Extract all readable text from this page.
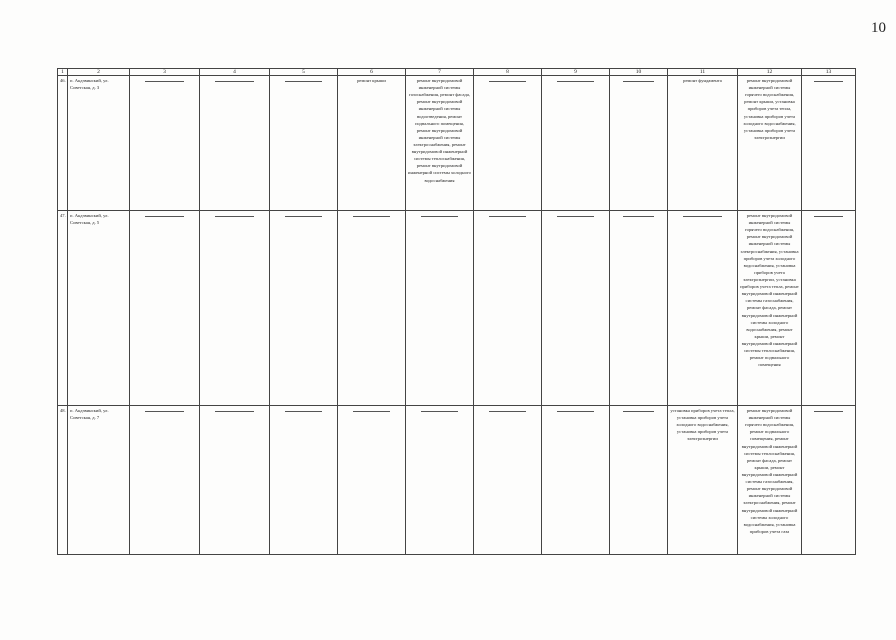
10
1	2	3	4	5	6	7	8	9	10	11	12	13
46.	п. Акдзвинский, ул. Советская, д. 3				ремонт крыши	ремонт внутридомовой инженерной системы газоснабжения, ремонт фасада, ремонт внутридомовой инженерной системы водоотведения, ремонт подвального помещения, ремонт внутридомовой инженерной системы электроснабжения, ремонт внутридомовой инженерной системы теплоснабжения, ремонт внутридомовой инженерной системы холодного водоснабжения				ремонт фундамента	ремонт внутридомовой инженерной системы горячего водоснабжения, ремонт крыши, установка приборов учета тепла, установка приборов учета холодного водоснабжения, установка приборов учета электроэнергии	

47.	п. Акдзвинский, ул. Советская, д. 5										ремонт внутридомовой инженерной системы горячего водоснабжения, ремонт внутридомовой инженерной системы электроснабжения, установка приборов учета холодного водоснабжения, установка приборов учета электроэнергии, установка приборов учета тепла, ремонт внутридомовой инженерной системы газоснабжения, ремонт фасада, ремонт внутридомовой инженерной системы холодного водоснабжения, ремонт крыши, ремонт внутридомовой инженерной системы теплоснабжения, ремонт подвального помещения	

48.	п. Акдзвинский, ул. Советская, д. 7									установка приборов учета тепла, установка приборов учета холодного водоснабжения, установка приборов учета электроэнергии	ремонт внутридомовой инженерной системы горячего водоснабжения, ремонт подвального помещения, ремонт внутридомовой инженерной системы теплоснабжения, ремонт фасада, ремонт крыши, ремонт внутридомовой инженерной системы газоснабжения, ремонт внутридомовой инженерной системы электроснабжения, ремонт внутридомовой инженерной системы холодного водоснабжения, установка приборов учета газа	
